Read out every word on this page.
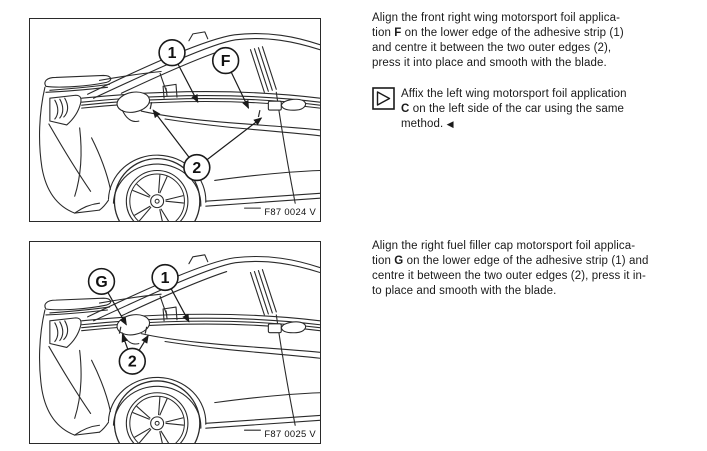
1	F
2
F87 0024 V
G	1
2
F87 0025 V
Align the front right wing motorsport foil applica-
tion F on the lower edge of the adhesive strip (1)
and centre it between the two outer edges (2),
press it into place and smooth with the blade.
Affix the left wing motorsport foil application
C on the left side of the car using the same
method. ◀
Align the right fuel filler cap motorsport foil applica-
tion G on the lower edge of the adhesive strip (1) and
centre it between the two outer edges (2), press it in-
to place and smooth with the blade.
